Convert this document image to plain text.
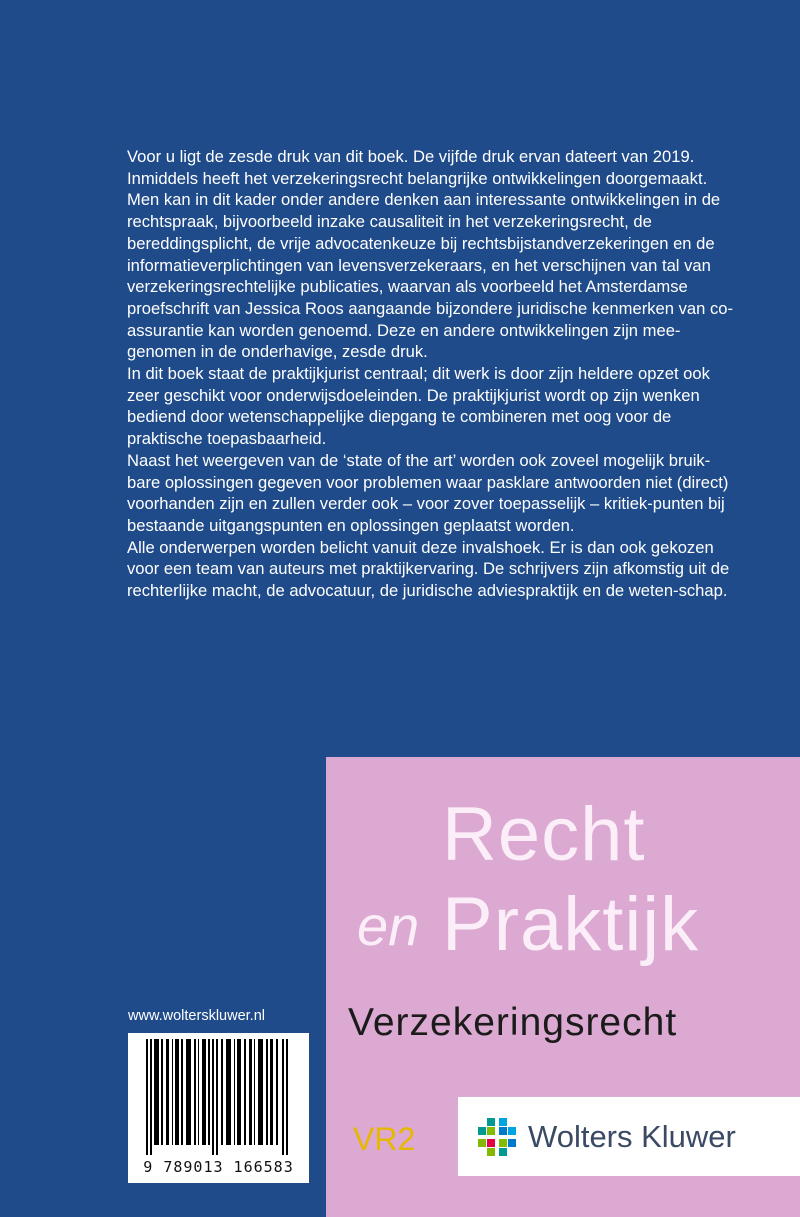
Voor u ligt de zesde druk van dit boek. De vijfde druk ervan dateert van 2019. Inmiddels heeft het verzekeringsrecht belangrijke ontwikkelingen doorgemaakt. Men kan in dit kader onder andere denken aan interessante ontwikkelingen in de rechtspraak, bijvoorbeeld inzake causaliteit in het verzekeringsrecht, de bereddingsplicht, de vrije advocatenkeuze bij rechtsbijstandverzekeringen en de informatieverplichtingen van levensverzekeraars, en het verschijnen van tal van verzekeringsrechtelijke publicaties, waarvan als voorbeeld het Amsterdamse proefschrift van Jessica Roos aangaande bijzondere juridische kenmerken van co-assurantie kan worden genoemd. Deze en andere ontwikkelingen zijn mee-genomen in de onderhavige, zesde druk.

In dit boek staat de praktijkjurist centraal; dit werk is door zijn heldere opzet ook zeer geschikt voor onderwijsdoeleinden. De praktijkjurist wordt op zijn wenken bediend door wetenschappelijke diepgang te combineren met oog voor de praktische toepasbaarheid.

Naast het weergeven van de ‘state of the art’ worden ook zoveel mogelijk bruik-bare oplossingen gegeven voor problemen waar pasklare antwoorden niet (direct) voorhanden zijn en zullen verder ook – voor zover toepasselijk – kritiek-punten bij bestaande uitgangspunten en oplossingen geplaatst worden.

Alle onderwerpen worden belicht vanuit deze invalshoek. Er is dan ook gekozen voor een team van auteurs met praktijkervaring. De schrijvers zijn afkomstig uit de rechterlijke macht, de advocatuur, de juridische adviespraktijk en de weten-schap.

Recht
en Praktijk
Verzekeringsrecht
VR2	Wolters Kluwer
www.wolterskluwer.nl
9 789013 166583
